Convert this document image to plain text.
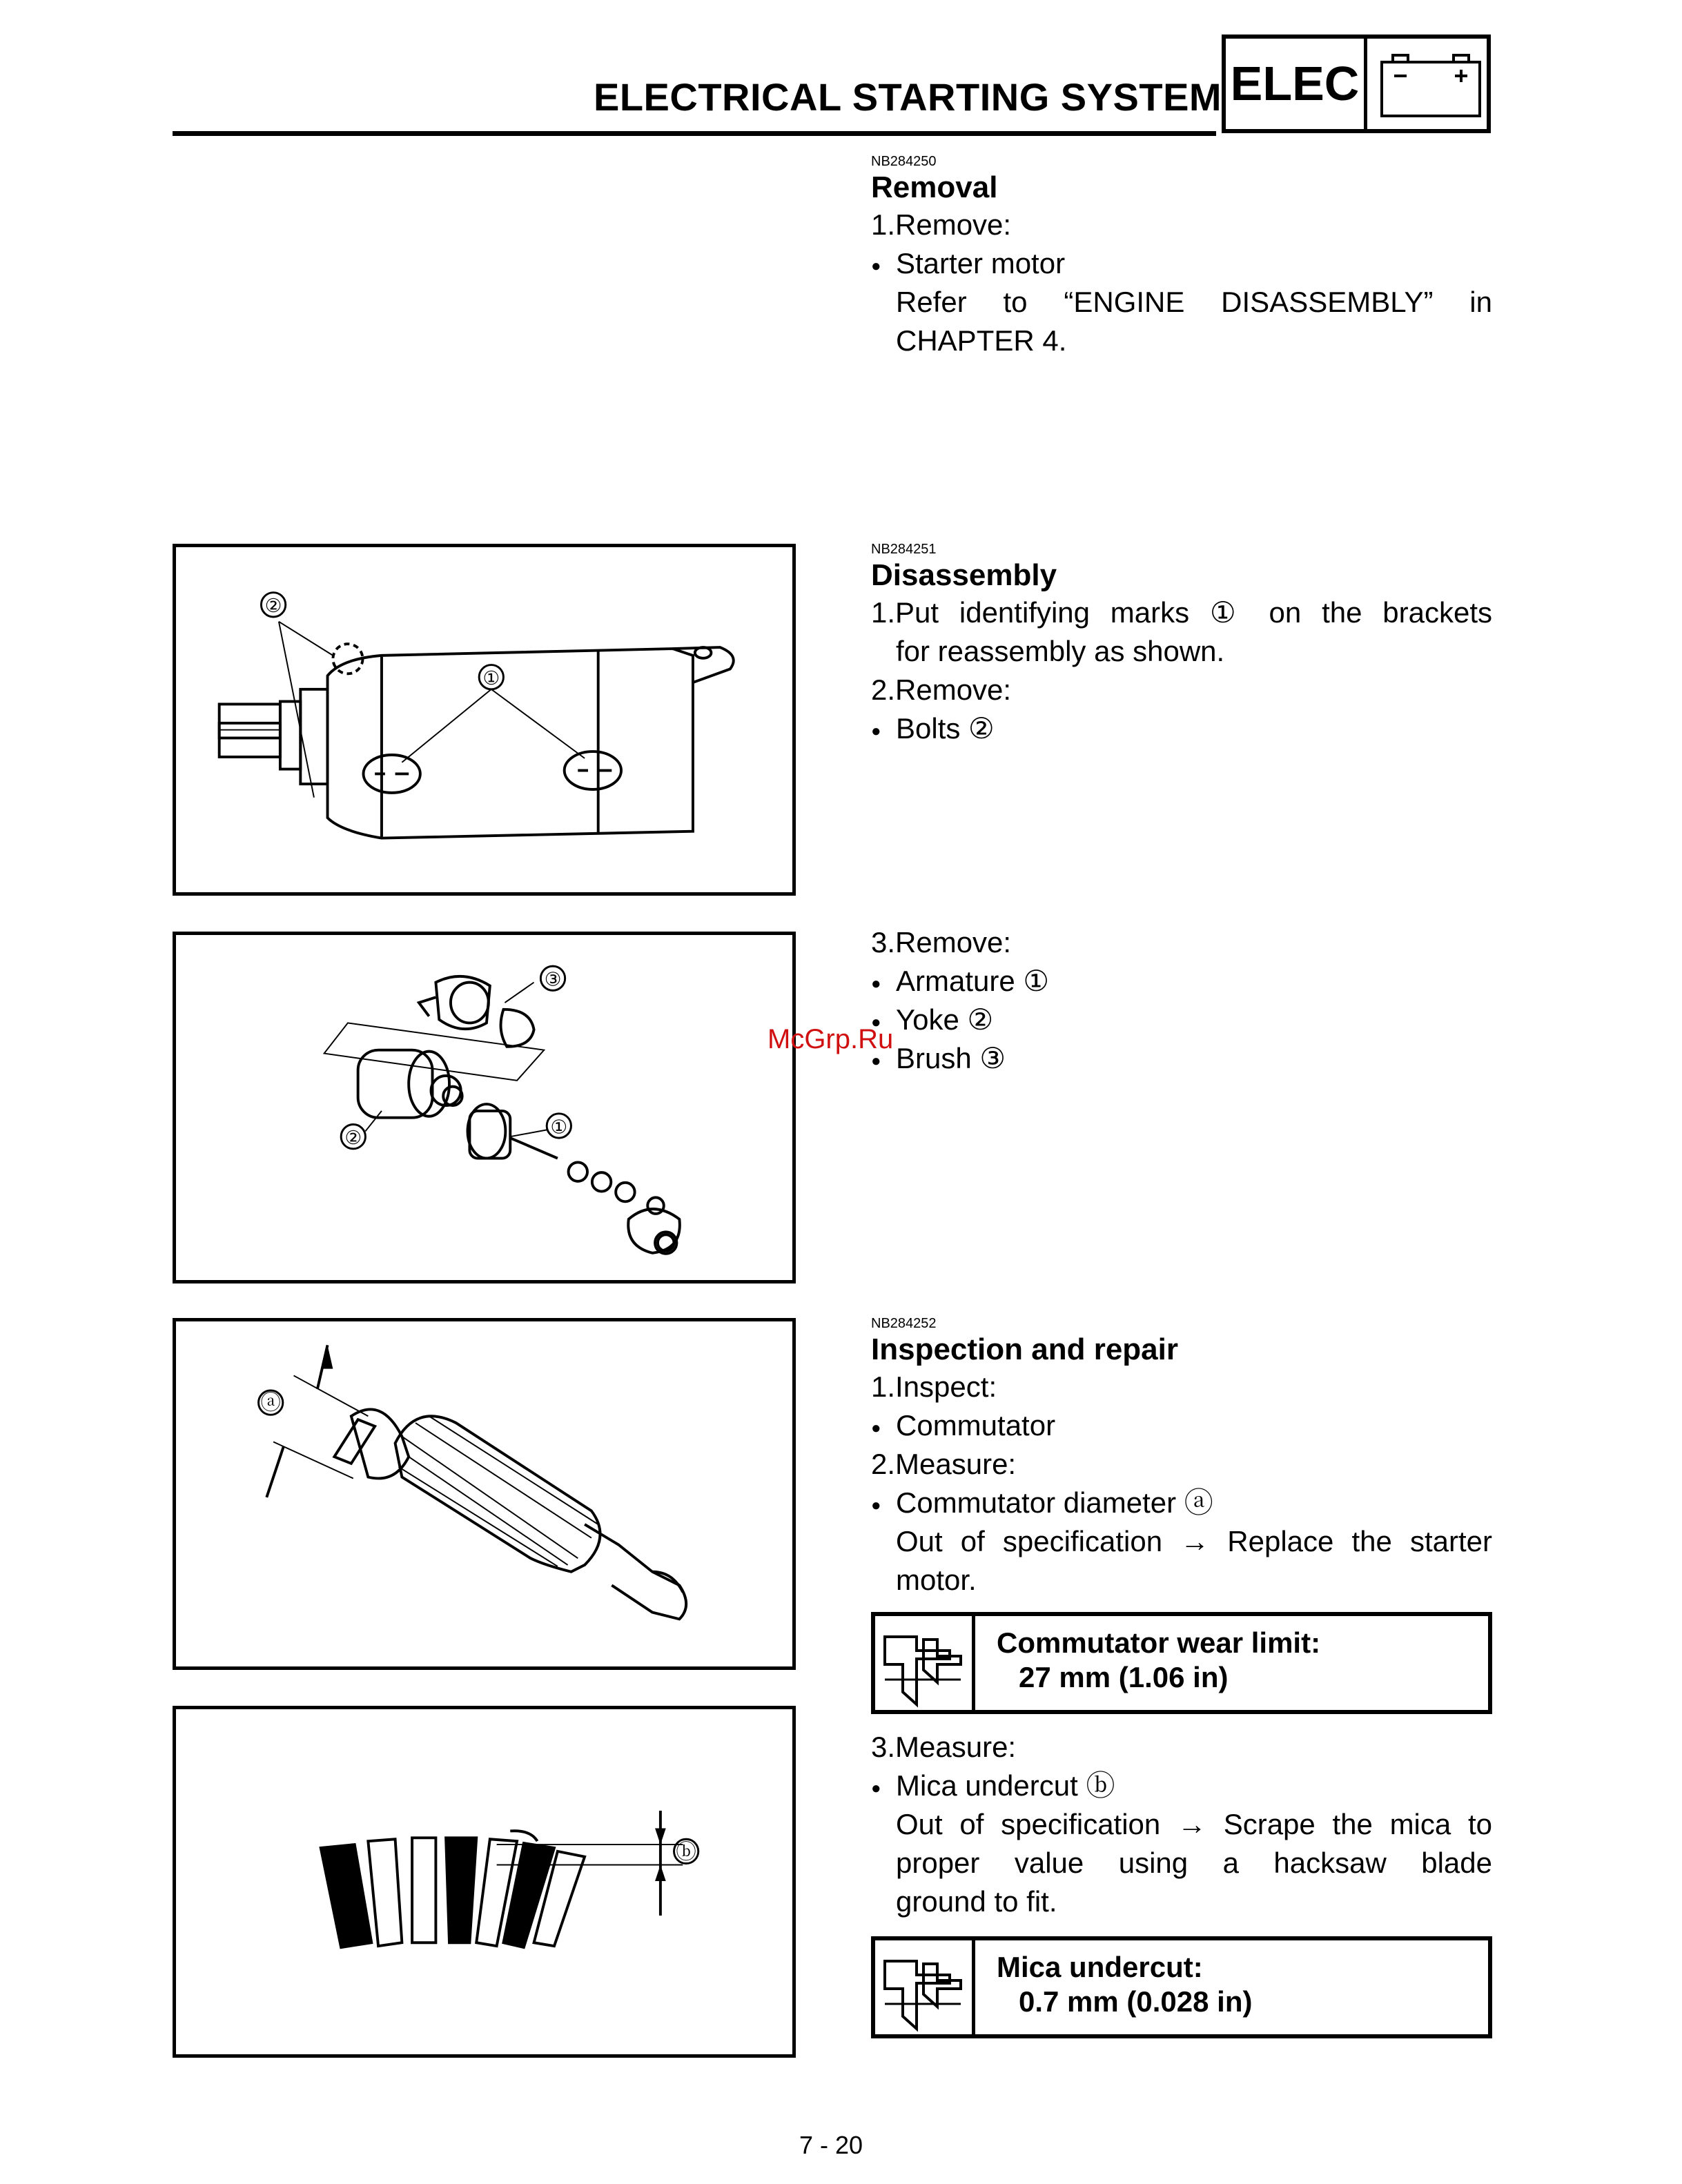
ELECTRICAL STARTING SYSTEM ELEC
NB284250
Removal
1.Remove:
● Starter motor
Refer to “ENGINE DISASSEMBLY” in
CHAPTER 4.
NB284251
Disassembly
1.Put identifying marks ① on the brackets
for reassembly as shown.
2.Remove:
● Bolts ②
3.Remove:
● Armature ①
● Yoke ②
● Brush ③
NB284252
Inspection and repair
1.Inspect:
● Commutator
2.Measure:
● Commutator diameter ⓐ
Out of specification → Replace the starter
motor.
Commutator wear limit:
27 mm (1.06 in)
3.Measure:
● Mica undercut ⓑ
Out of specification → Scrape the mica to
proper value using a hacksaw blade
ground to fit.
Mica undercut:
0.7 mm (0.028 in)
②
①
③
②
①
ⓐ
ⓑ
McGrp.Ru
7 - 20
